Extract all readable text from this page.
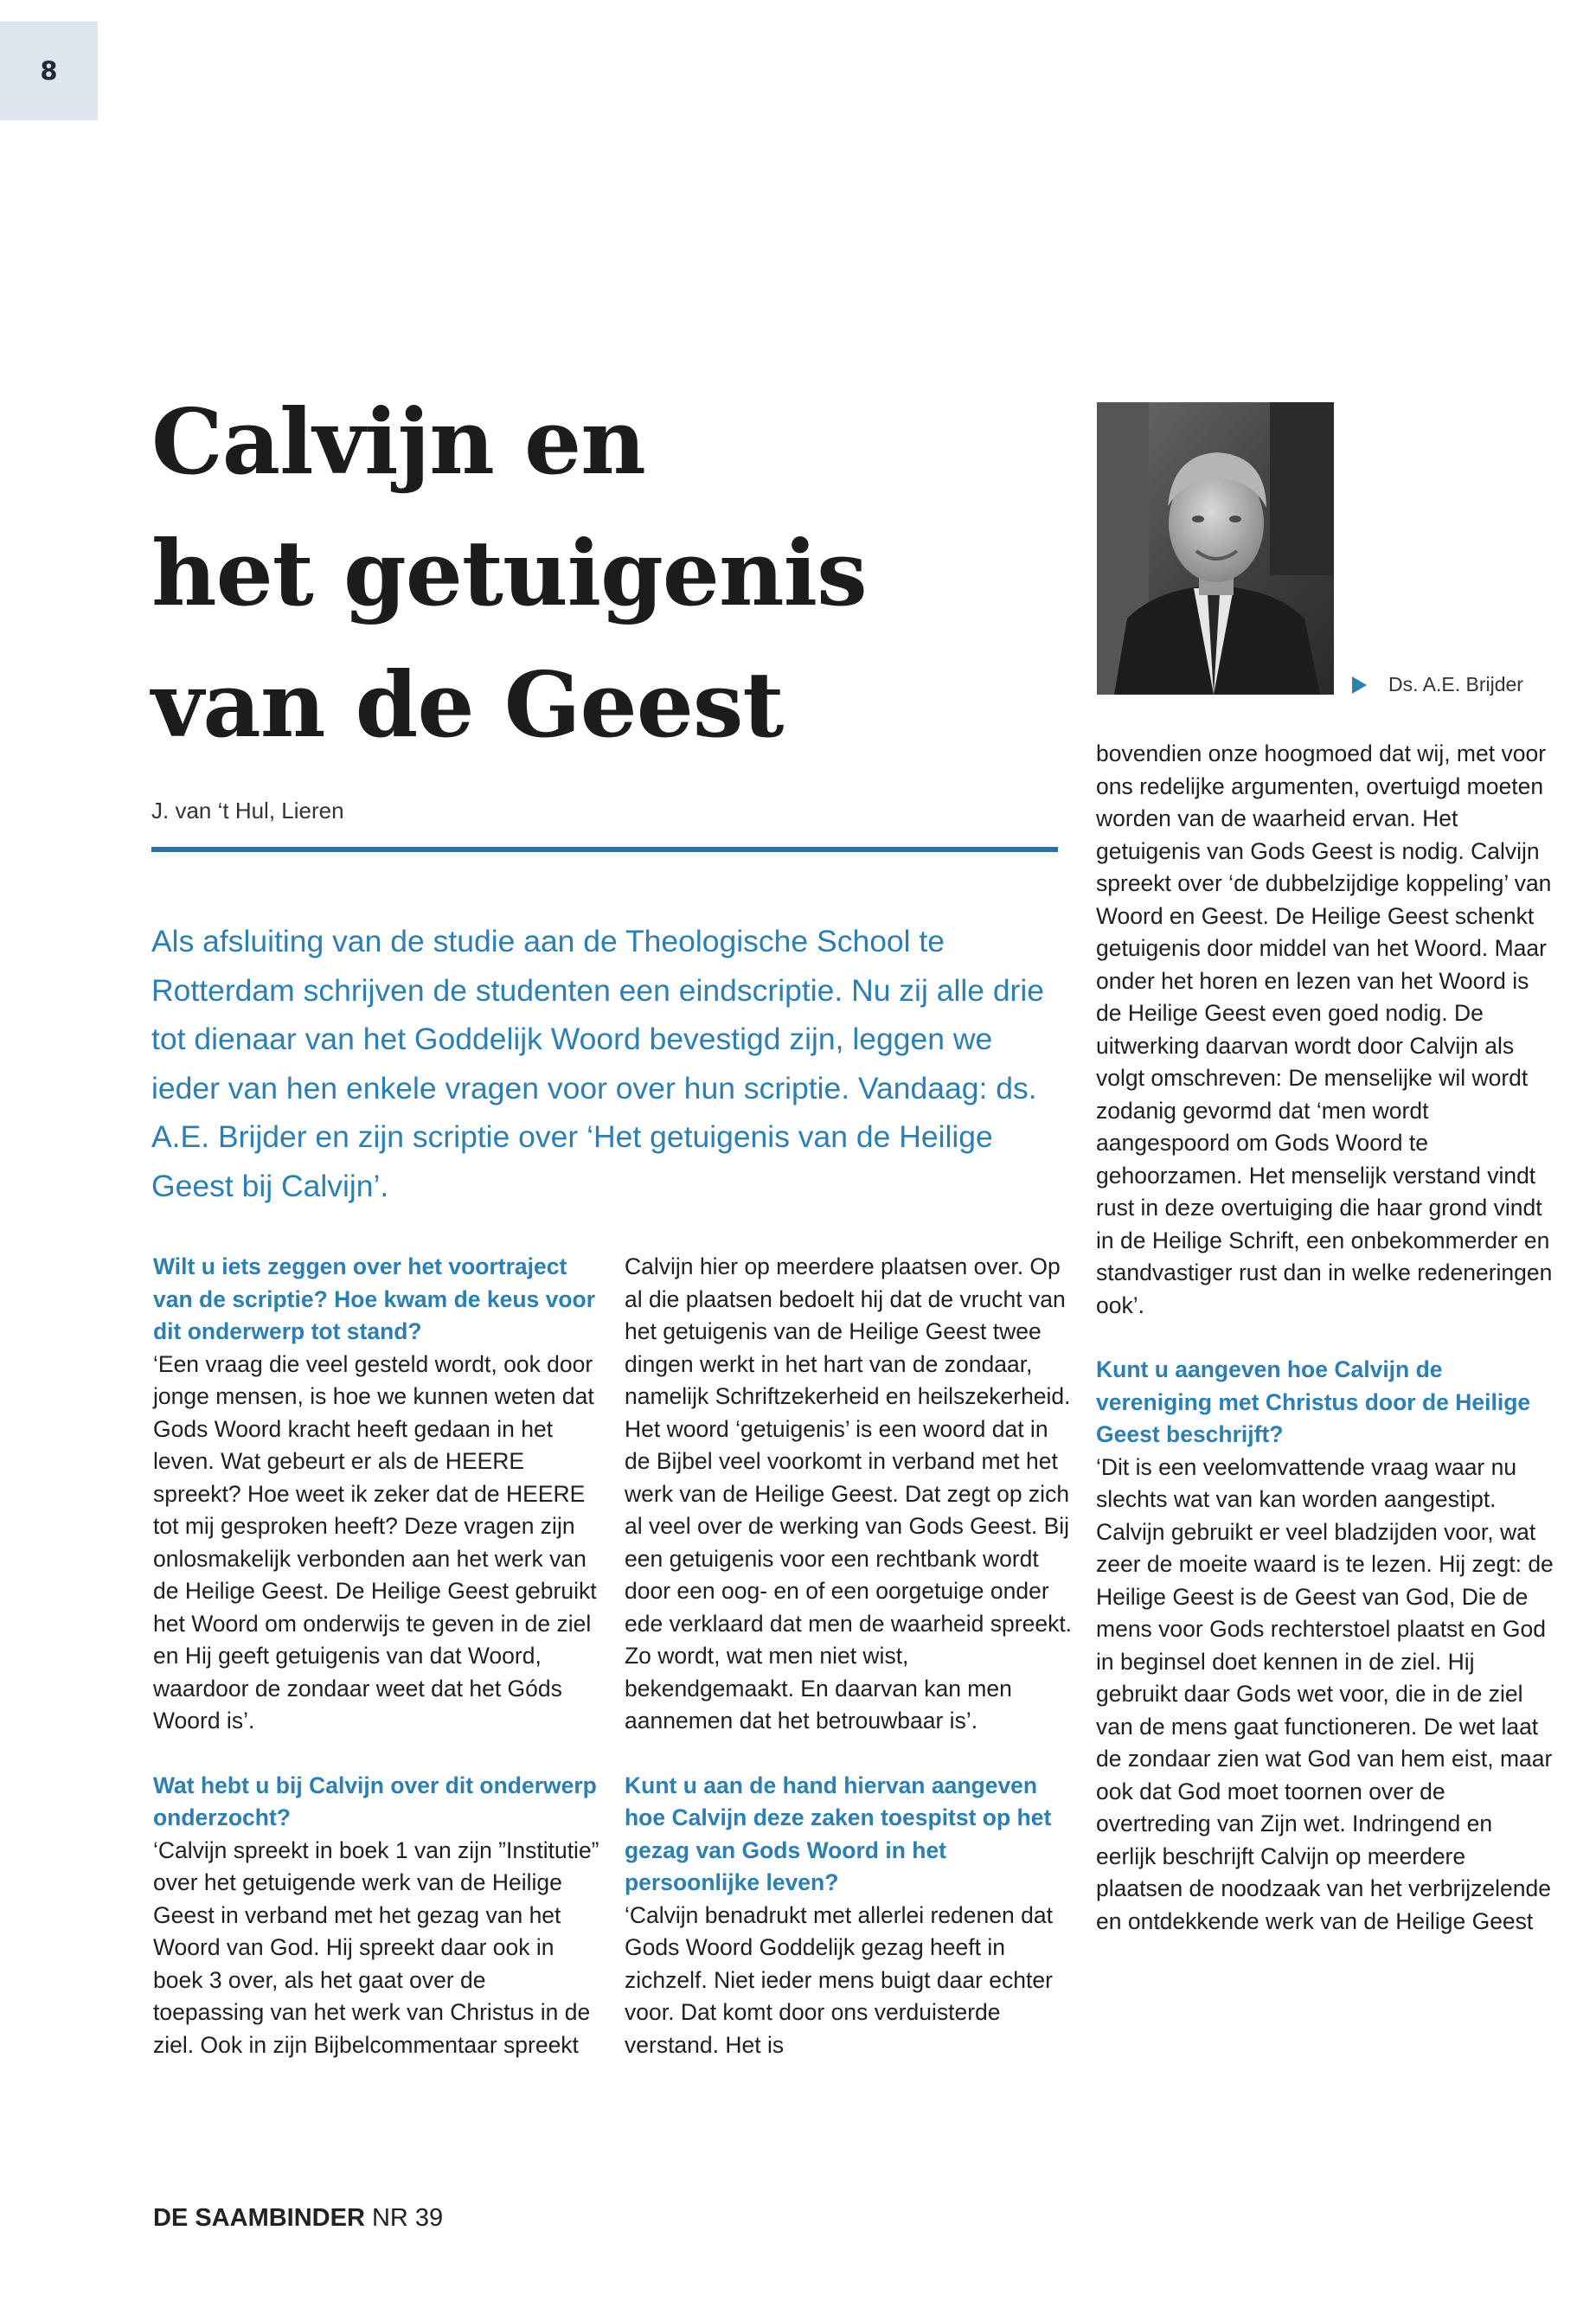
8
Calvijn en
het getuigenis
van de Geest
J. van ‘t Hul, Lieren

Als afsluiting van de studie aan de Theologische School te Rotterdam schrijven de studenten een eindscriptie. Nu zij alle drie tot dienaar van het Goddelijk Woord bevestigd zijn, leggen we ieder van hen enkele vragen voor over hun scriptie. Vandaag: ds. A.E. Brijder en zijn scriptie over ‘Het getuigenis van de Heilige Geest bij Calvijn’.

Ds. A.E. Brijder

Wilt u iets zeggen over het voortraject van de scriptie? Hoe kwam de keus voor dit onderwerp tot stand?

‘Een vraag die veel gesteld wordt, ook door jonge mensen, is hoe we kunnen weten dat Gods Woord kracht heeft gedaan in het leven. Wat gebeurt er als de HEERE spreekt? Hoe weet ik zeker dat de HEERE tot mij gesproken heeft? Deze vragen zijn onlosmakelijk verbonden aan het werk van de Heilige Geest. De Heilige Geest gebruikt het Woord om onderwijs te geven in de ziel en Hij geeft getuigenis van dat Woord, waardoor de zondaar weet dat het Góds Woord is’.

Wat hebt u bij Calvijn over dit onderwerp onderzocht?

‘Calvijn spreekt in boek 1 van zijn ”Institutie” over het getuigende werk van de Heilige Geest in verband met het gezag van het Woord van God. Hij spreekt daar ook in boek 3 over, als het gaat over de toepassing van het werk van Christus in de ziel. Ook in zijn Bijbelcommentaar spreekt

Calvijn hier op meerdere plaatsen over. Op al die plaatsen bedoelt hij dat de vrucht van het getuigenis van de Heilige Geest twee dingen werkt in het hart van de zondaar, namelijk Schriftzekerheid en heilszekerheid. Het woord ‘getuigenis’ is een woord dat in de Bijbel veel voorkomt in verband met het werk van de Heilige Geest. Dat zegt op zich al veel over de werking van Gods Geest. Bij een getuigenis voor een rechtbank wordt door een oog- en of een oorgetuige onder ede verklaard dat men de waarheid spreekt. Zo wordt, wat men niet wist, bekendgemaakt. En daarvan kan men aannemen dat het betrouwbaar is’.

Kunt u aan de hand hiervan aangeven hoe Calvijn deze zaken toespitst op het gezag van Gods Woord in het persoonlijke leven?

‘Calvijn benadrukt met allerlei redenen dat Gods Woord Goddelijk gezag heeft in zichzelf. Niet ieder mens buigt daar echter voor. Dat komt door ons verduisterde verstand. Het is

bovendien onze hoogmoed dat wij, met voor ons redelijke argumenten, overtuigd moeten worden van de waarheid ervan. Het getuigenis van Gods Geest is nodig. Calvijn spreekt over ‘de dubbelzijdige koppeling’ van Woord en Geest. De Heilige Geest schenkt getuigenis door middel van het Woord. Maar onder het horen en lezen van het Woord is de Heilige Geest even goed nodig. De uitwerking daarvan wordt door Calvijn als volgt omschreven: De menselijke wil wordt zodanig gevormd dat ‘men wordt aangespoord om Gods Woord te gehoorzamen. Het menselijk verstand vindt rust in deze overtuiging die haar grond vindt in de Heilige Schrift, een onbekommerder en standvastiger rust dan in welke redeneringen ook’.

Kunt u aangeven hoe Calvijn de vereniging met Christus door de Heilige Geest beschrijft?

‘Dit is een veelomvattende vraag waar nu slechts wat van kan worden aangestipt. Calvijn gebruikt er veel bladzijden voor, wat zeer de moeite waard is te lezen. Hij zegt: de Heilige Geest is de Geest van God, Die de mens voor Gods rechterstoel plaatst en God in beginsel doet kennen in de ziel. Hij gebruikt daar Gods wet voor, die in de ziel van de mens gaat functioneren. De wet laat de zondaar zien wat God van hem eist, maar ook dat God moet toornen over de overtreding van Zijn wet. Indringend en eerlijk beschrijft Calvijn op meerdere plaatsen de noodzaak van het verbrijzelende en ontdekkende werk van de Heilige Geest

DE SAAMBINDER NR 39
